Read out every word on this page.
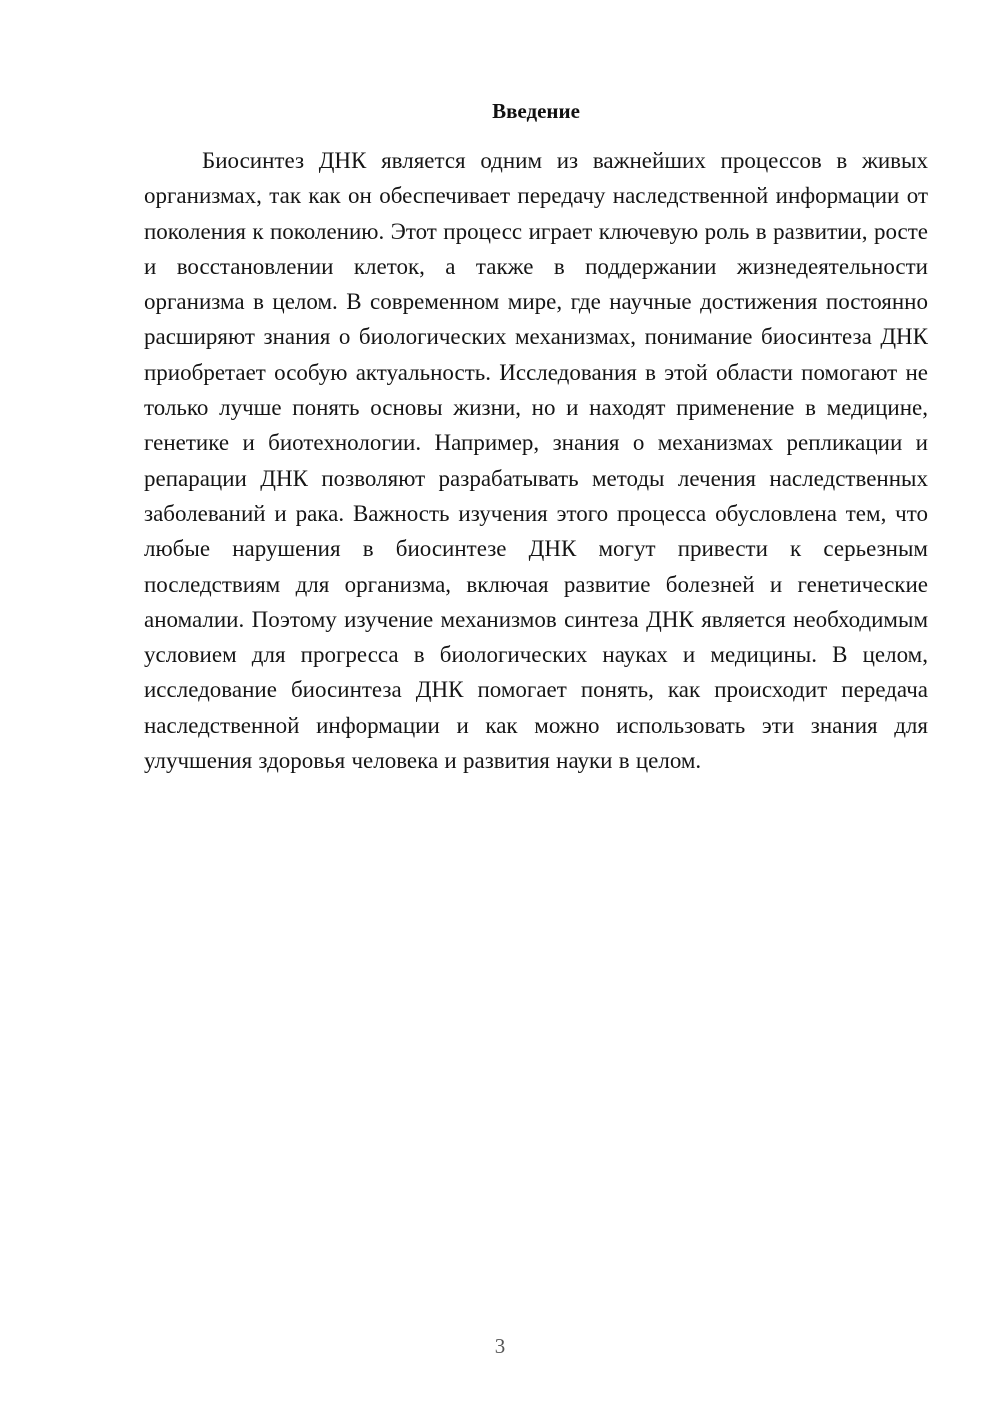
Введение

Биосинтез ДНК является одним из важнейших процессов в живых организмах, так как он обеспечивает передачу наследственной информации от поколения к поколению. Этот процесс играет ключевую роль в развитии, росте и восстановлении клеток, а также в поддержании жизнедеятельности организма в целом. В современном мире, где научные достижения постоянно расширяют знания о биологических механизмах, понимание биосинтеза ДНК приобретает особую актуальность. Исследования в этой области помогают не только лучше понять основы жизни, но и находят применение в медицине, генетике и биотехнологии. Например, знания о механизмах репликации и репарации ДНК позволяют разрабатывать методы лечения наследственных заболеваний и рака. Важность изучения этого процесса обусловлена тем, что любые нарушения в биосинтезе ДНК могут привести к серьезным последствиям для организма, включая развитие болезней и генетические аномалии. Поэтому изучение механизмов синтеза ДНК является необходимым условием для прогресса в биологических науках и медицины. В целом, исследование биосинтеза ДНК помогает понять, как происходит передача наследственной информации и как можно использовать эти знания для улучшения здоровья человека и развития науки в целом.

3
